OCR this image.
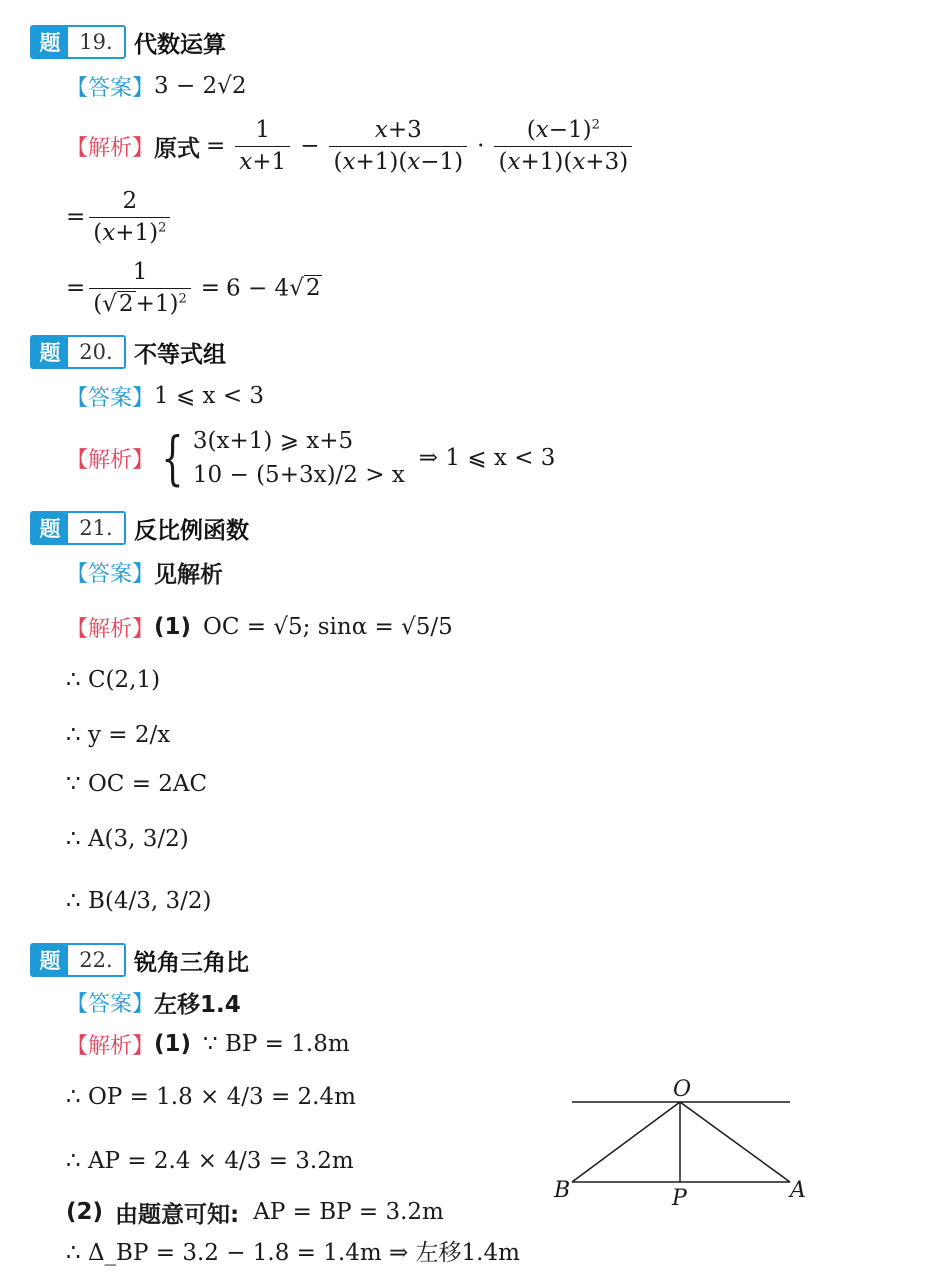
题 19. 代数运算
【答案】 3 − 2√2
【解析】 原式 = $\frac{1}{x+1} - \frac{x+3}{(x+1)(x-1)} \cdot \frac{(x-1)^2}{(x+1)(x+3)}$
= $\frac{2}{(x+1)^2}$
= $\frac{1}{(√ 2 +1)^2} = 6 - 4√$ 2
题 20. 不等式组
【答案】 1 ⩽ x < 3
【解析】 { 3(x+1) ⩾ x+5
10 − (5+3x)/2 > x
⇒ 1 ⩽ x < 3
题 21. 反比例函数
【答案】 见解析
【解析】 (1) OC = √5; sinα = √5/5
∴ C(2,1)
∴ y = 2/x
∵ OC = 2AC
∴ A(3, 3/2)
∴ B(4/3, 3/2)
题 22. 锐角三角比
【答案】 左移1.4
【解析】 (1) ∵ BP = 1.8m
∴ OP = 1.8 × 4/3 = 2.4m
∴ AP = 2.4 × 4/3 = 3.2m
(2) 由题意可知: AP = BP = 3.2m
∴ Δ_BP = 3.2 − 1.8 = 1.4m ⇒ 左移1.4m
O
B	P	A
